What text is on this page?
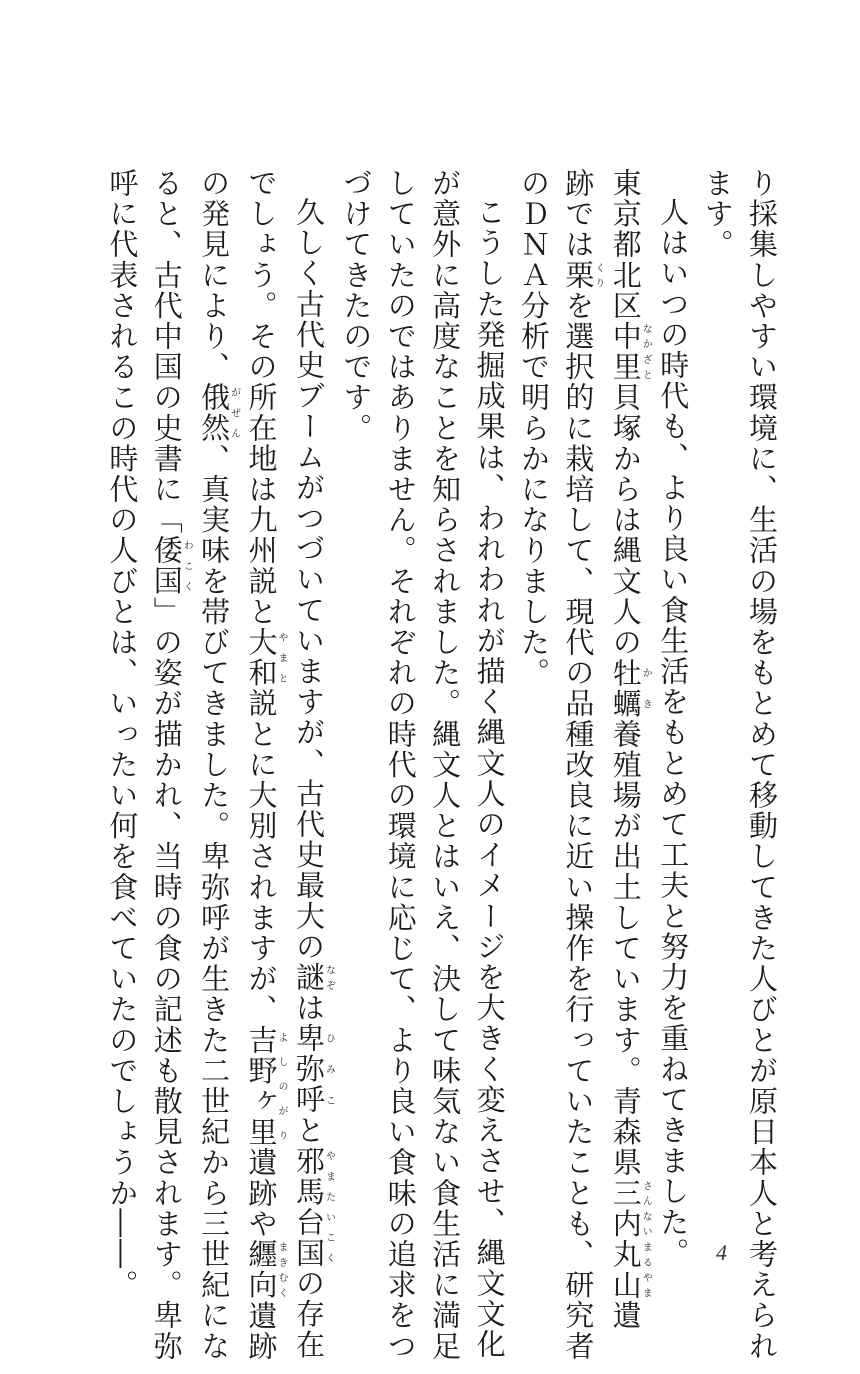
り採集しやすい環境に、生活の場をもとめて移動してきた人びとが原日本人と考えられ
ます。
人はいつの時代も、より良い食生活をもとめて工夫と努力を重ねてきました。
東京都北区中里なかざと貝塚からは縄文人の牡蠣かき養殖場が出土しています。青森県三内丸山さんないまるやま遺
跡では栗くりを選択的に栽培して、現代の品種改良に近い操作を行っていたことも、研究者
のＤＮＡ分析で明らかになりました。
こうした発掘成果は、われわれが描く縄文人のイメージを大きく変えさせ、縄文文化
が意外に高度なことを知らされました。縄文人とはいえ、決して味気ない食生活に満足
していたのではありません。それぞれの時代の環境に応じて、より良い食味の追求をつ
づけてきたのです。
久しく古代史ブームがつづいていますが、古代史最大の謎なぞは卑弥呼ひみこと邪馬台国やまたいこくの存在
でしょう。その所在地は九州説と大和やまと説とに大別されますが、吉野ヶ里よしのがり遺跡や纒向まきむく遺跡
の発見により、俄然がぜん、真実味を帯びてきました。卑弥呼が生きた二世紀から三世紀にな
ると、古代中国の史書に「倭国わこく」の姿が描かれ、当時の食の記述も散見されます。卑弥
呼に代表されるこの時代の人びとは、いったい何を食べていたのでしょうか――。	4
